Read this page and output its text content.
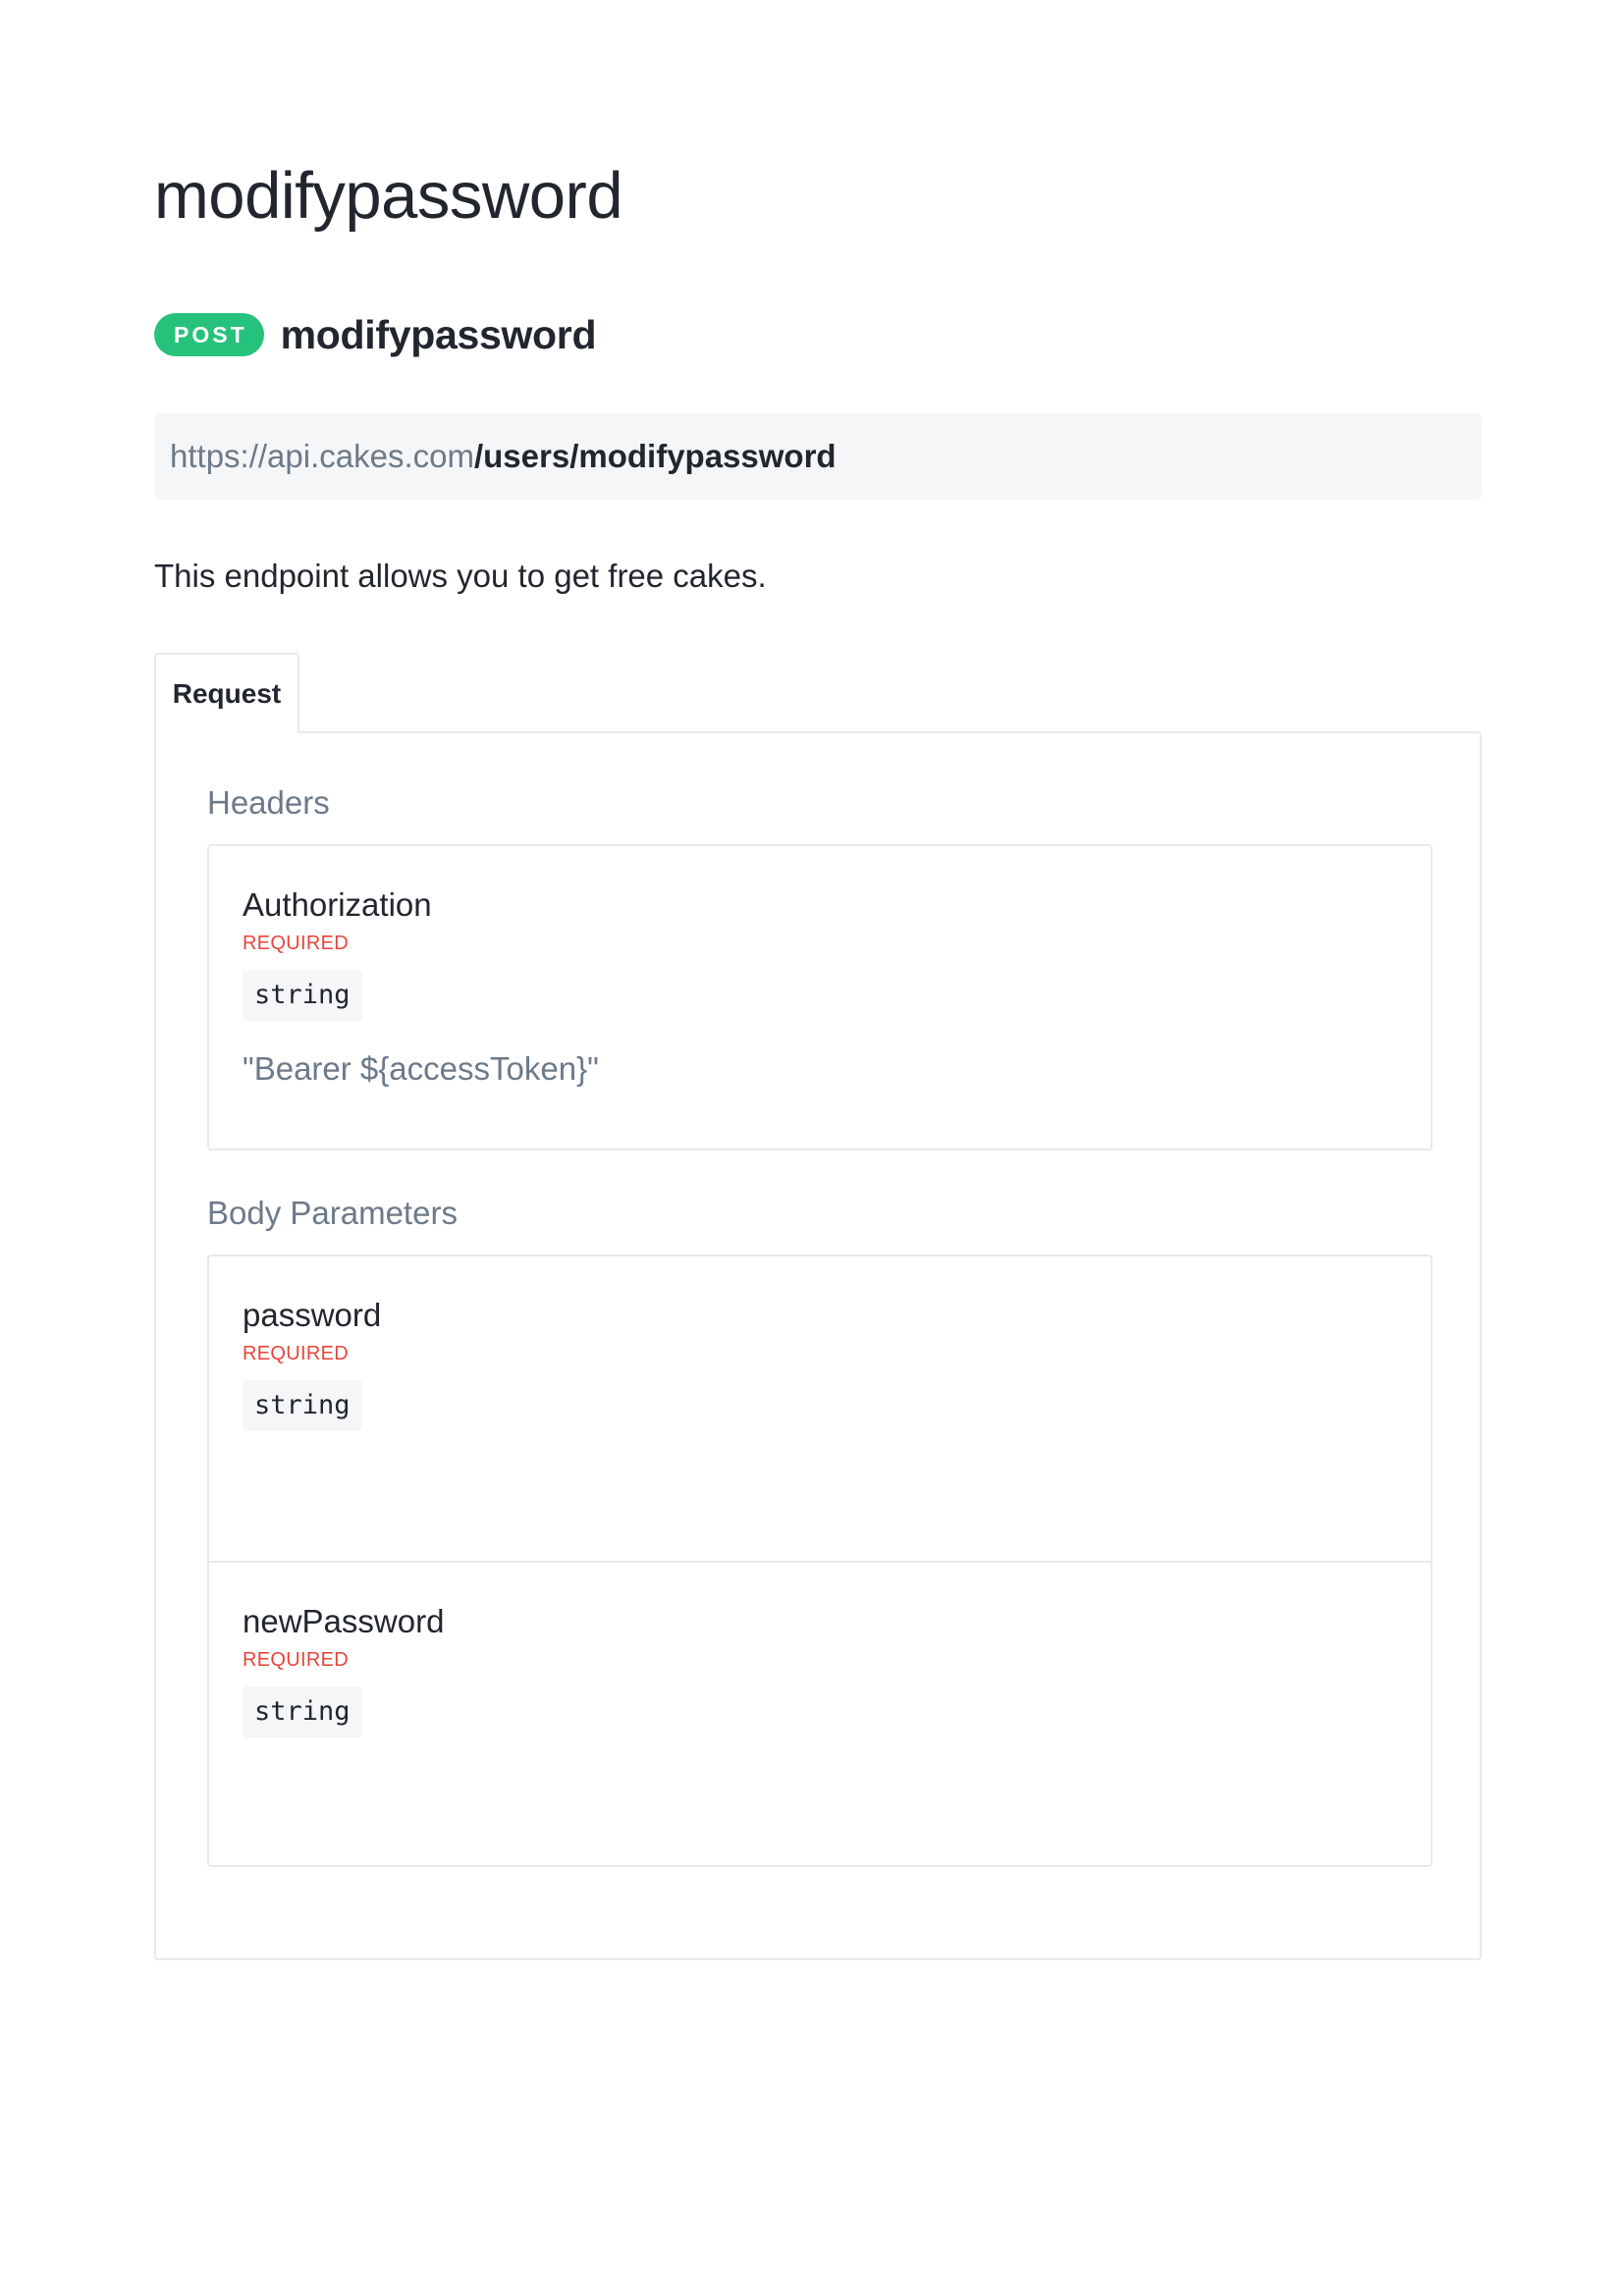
modifypassword
POST modifypassword
https://api.cakes.com /users/modifypassword

This endpoint allows you to get free cakes.

Request
Headers
Authorization
REQUIRED
string
"Bearer ${accessToken}"
Body Parameters
password
REQUIRED
string
newPassword
REQUIRED
string
